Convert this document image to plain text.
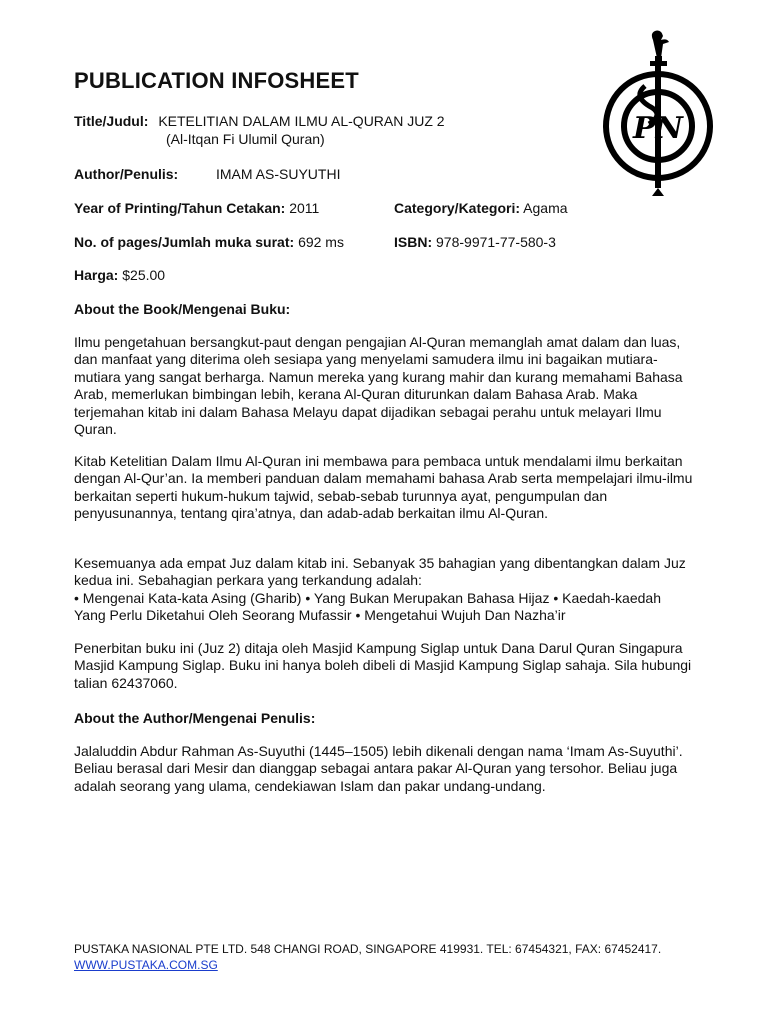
PN
PUBLICATION INFOSHEET
Title/Judul: KETELITIAN DALAM ILMU AL-QURAN JUZ 2
(Al-Itqan Fi Ulumil Quran)
Author/Penulis:	IMAM AS-SUYUTHI
Year of Printing/Tahun Cetakan: 2011	Category/Kategori: Agama
No. of pages/Jumlah muka surat: 692 ms	ISBN: 978-9971-77-580-3
Harga: $25.00
About the Book/Mengenai Buku:
Ilmu pengetahuan bersangkut-paut dengan pengajian Al-Quran memanglah amat dalam dan luas, dan manfaat yang diterima oleh sesiapa yang menyelami samudera ilmu ini bagaikan mutiara-mutiara yang sangat berharga. Namun mereka yang kurang mahir dan kurang memahami Bahasa Arab, memerlukan bimbingan lebih, kerana Al-Quran diturunkan dalam Bahasa Arab. Maka terjemahan kitab ini dalam Bahasa Melayu dapat dijadikan sebagai perahu untuk melayari Ilmu Quran.
Kitab Ketelitian Dalam Ilmu Al-Quran ini membawa para pembaca untuk mendalami ilmu berkaitan dengan Al-Qur’an. Ia memberi panduan dalam memahami bahasa Arab serta mempelajari ilmu-ilmu berkaitan seperti hukum-hukum tajwid, sebab-sebab turunnya ayat, pengumpulan dan penyusunannya, tentang qira’atnya, dan adab-adab berkaitan ilmu Al-Quran.
Kesemuanya ada empat Juz dalam kitab ini. Sebanyak 35 bahagian yang dibentangkan dalam Juz kedua ini. Sebahagian perkara yang terkandung adalah:
• Mengenai Kata-kata Asing (Gharib) • Yang Bukan Merupakan Bahasa Hijaz • Kaedah-kaedah Yang Perlu Diketahui Oleh Seorang Mufassir • Mengetahui Wujuh Dan Nazha’ir
Penerbitan buku ini (Juz 2) ditaja oleh Masjid Kampung Siglap untuk Dana Darul Quran Singapura Masjid Kampung Siglap. Buku ini hanya boleh dibeli di Masjid Kampung Siglap sahaja. Sila hubungi talian 62437060.
About the Author/Mengenai Penulis:
Jalaluddin Abdur Rahman As-Suyuthi (1445–1505) lebih dikenali dengan nama ‘Imam As-Suyuthi’. Beliau berasal dari Mesir dan dianggap sebagai antara pakar Al-Quran yang tersohor. Beliau juga adalah seorang yang ulama, cendekiawan Islam dan pakar undang-undang.
PUSTAKA NASIONAL PTE LTD. 548 CHANGI ROAD, SINGAPORE 419931. TEL: 67454321, FAX: 67452417. WWW.PUSTAKA.COM.SG
